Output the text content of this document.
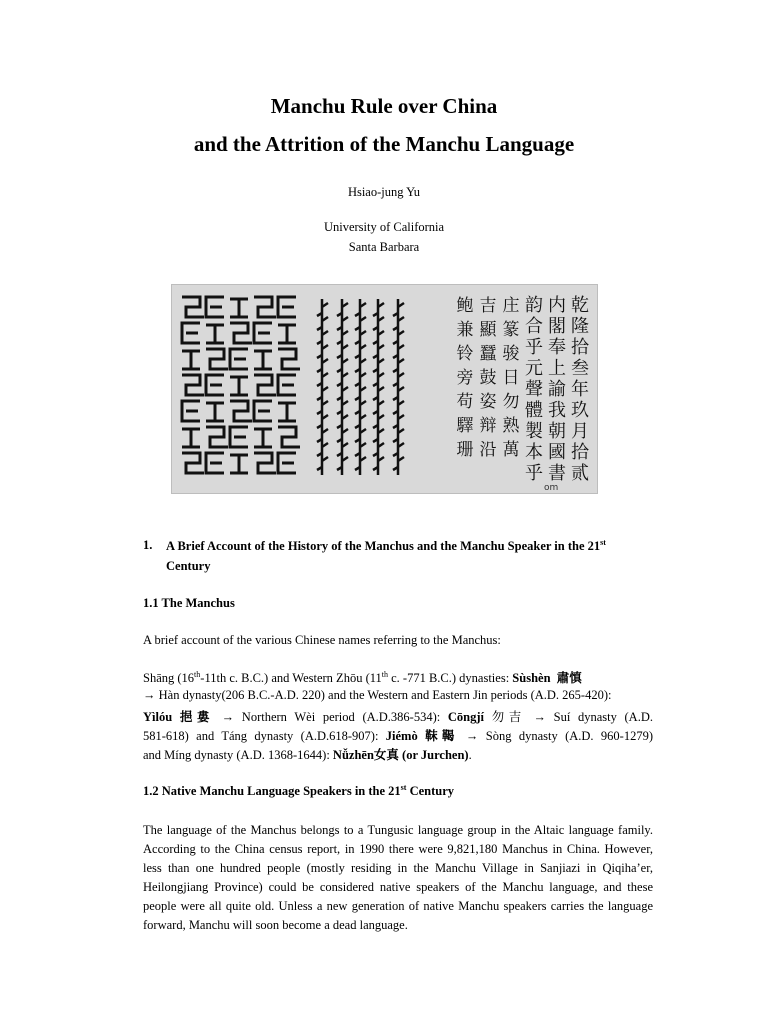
Manchu Rule over China
and the Attrition of the Manchu Language
Hsiao-jung Yu
University of California
Santa Barbara
乾
隆
拾
叁
年
玖
月
拾
贰
内
閣
奉
上
諭
我
朝
國
書
韵
合
乎
元
聲
體
製
本
乎
庄
篆
骏
日
勿
熟
萬
吉
顯
蠶
鼓
姿
辩
沿
鲍
兼
铃
旁
苟
驛
珊
om
1. A Brief Account of the History of the Manchus and the Manchu Speaker in the 21st
Century
1.1 The Manchus
A brief account of the various Chinese names referring to the Manchus:
Shāng (16th-11th c. B.C.) and Western Zhōu (11th c. -771 B.C.) dynasties: Sùshèn 肅慎
→ Hàn dynasty(206 B.C.-A.D. 220) and the Western and Eastern Jin periods (A.D. 265-420):
Yìlóu 挹婁 → Northern Wèi period (A.D.386-534): Cōngjí 勿吉 → Suí dynasty (A.D.
581-618) and Táng dynasty (A.D.618-907): Jiémò 靺鞨 → Sòng dynasty (A.D. 960-1279)
and Míng dynasty (A.D. 1368-1644): Nǚzhēn女真 (or Jurchen).
1.2 Native Manchu Language Speakers in the 21st Century
The language of the Manchus belongs to a Tungusic language group in the Altaic language family. According to the China census report, in 1990 there were 9,821,180 Manchus in China. However, less than one hundred people (mostly residing in the Manchu Village in Sanjiazi in Qiqiha’er, Heilongjiang Province) could be considered native speakers of the Manchu language, and these people were all quite old. Unless a new generation of native Manchu speakers carries the language forward, Manchu will soon become a dead language.
